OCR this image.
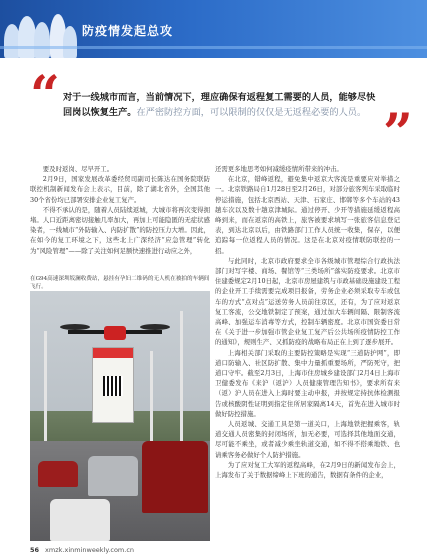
防疫情发起总攻
“ 对于一线城市而言，当前情况下，理应确保有返程复工需要的人员，能够尽快回岗以恢复生产。在严密防控方面，可以限制的仅仅是无返程必要的人员。 ”

要及时返岗、尽早开工。

2月9日，国家发展改革委经贸司副司长陈达在国务院联防联控机制新闻发布会上表示，目前，除了湖北省外，全国其他30个省份均已部署安排企业复工复产。

不得不承认的是，随着人员陆续返城，大城市将再次变得拥堵。人口近距离密切接触几率加大，再加上可能隐匿的无症状感染者，一线城市“外防输入、内防扩散”的防控压力大增。因此，在如今的复工环境之下，这些北上广深经济“应急管理”转化为“风险管理”——除了关注如何足额快速推进行动应之外，

在G94高速深圳坂澜收费站，悬挂有孕妇二维码的无人机在被拍的车辆间飞行。

还需更多地思考如何减缓疫情所带来的冲击。

在北京，错峰返程，避免集中返京大客流是重要应对举措之一。北京铁路局自1月28日至2月26日，对部分旅客列车采取临时停运措施，包括北京西站、天津、石家庄、邯郸等多个车站的43趟车次以及数十趟京津城际。通过停开、少开等措施延缓返程高峰到来，而在返京的高铁上，旅客被要求填写一张旅客信息登记表，到达北京以后，由铁路部门工作人员统一收集，保存，以便追踪每一位返程人员的情况。这是在北京对疫情联防联控的一招。

与此同时，北京市政府要求全市各级城市管理综合行政执法部门对写字楼、商场、餐馆等“三类场所”落实防疫要求。北京市住建委规定2月10日起，北京市房屋建筑与市政基础设施建设工程的企业开工手续需要完成项目报备，劳务企业必须采取专车或包车的方式“点对点”运送劳务人员前往京区，还有，为了应对返京复工客流，公交地铁制定了预案，通过加大车辆间隔、限制客流高峰、加强运车消毒等方式，控制车辆密度。北京市国资委日常在《关于进一步加强市管企业复工复产后公共场所疫情防控工作的通知》，规则生产、又抓防疫的战略布局正在上到了逐步展开。

上海相关部门采取的主要防控策略是实现“三道防护网”，即道口防输入、社区防扩散、集中力量抓重要场所，严防死守，把道口守牢。截至2月3日，上海市住房城乡建设部门2月4日上海市卫健委发布《来沪（返沪）人员健康管理告知书》，要求所有来（返）沪人员在进入上海时要主动申报，并按规定持抗体检测报告或核酸阴性证明到指定住所居家隔离14天，首先在进入城市时做好防控措施。

人员返城、交通工具是第一道关口，上海地铁把握乘客，轨道交通人员密集的封闭场所，加无必要，可选择其他地面交通，尽可能不乘坐，或者减少乘坐轨道交通，如不得不搭乘地铁、也请乘客务必做好个人防护措施。

为了应对复工大军的返程高峰，在2月9日的新闻发布会上，上海发布了关于数据缔峰上下班的通告，数据有条件的企业，

56 xmzk.xinminweekly.com.cn
